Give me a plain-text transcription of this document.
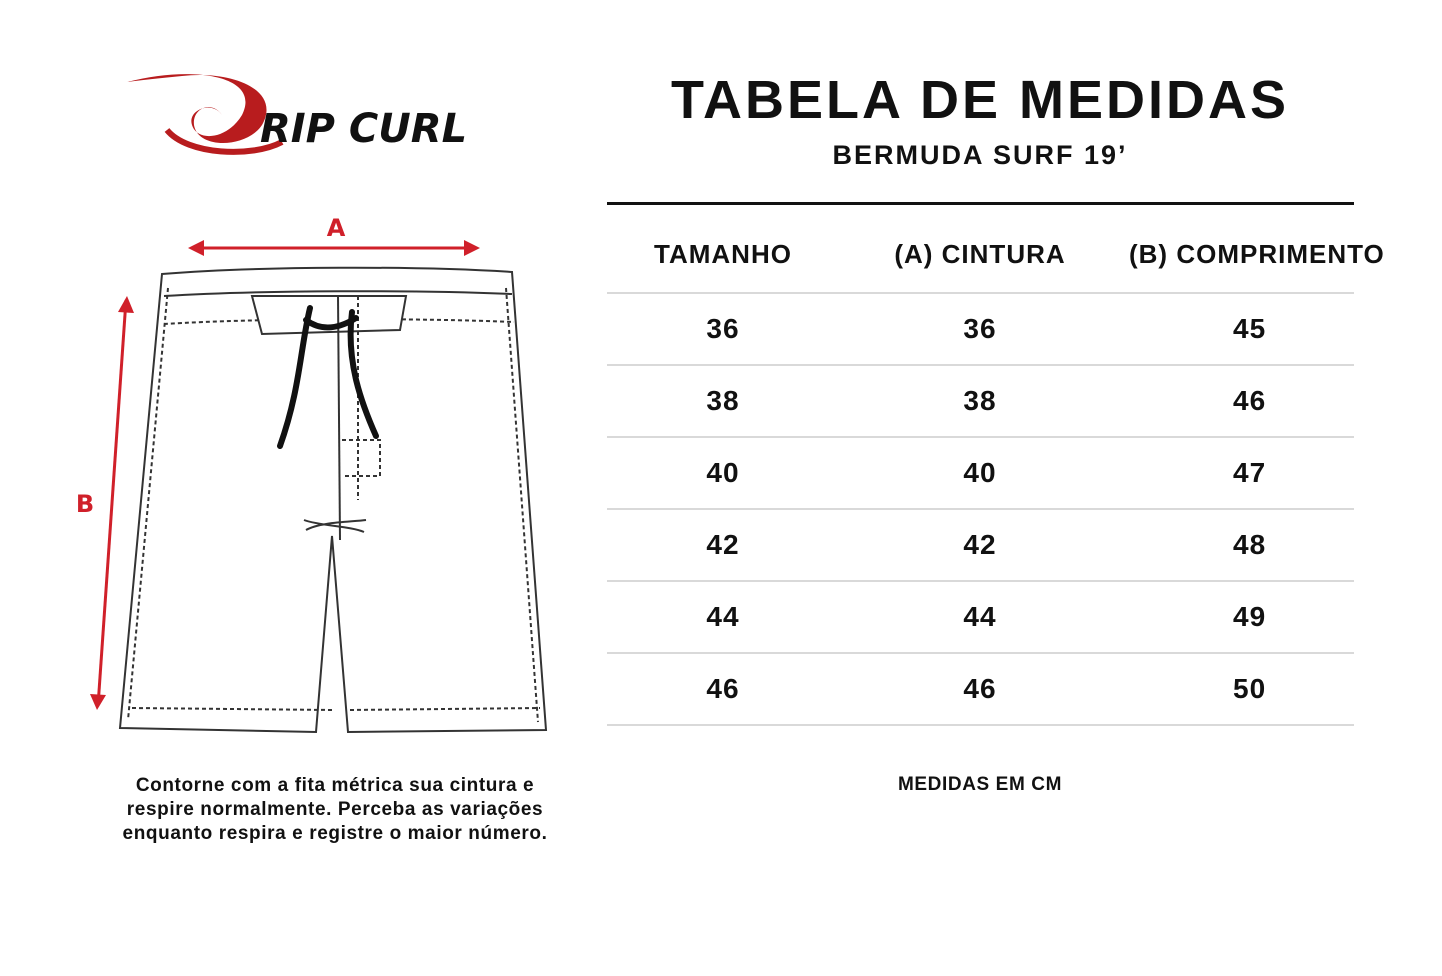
RIP CURL
A
B
Contorne com a fita métrica sua cintura e
respire normalmente. Perceba as variações
enquanto respira e registre o maior número.
TABELA DE MEDIDAS
BERMUDA SURF 19’
TAMANHO	(A) CINTURA	(B) COMPRIMENTO
36	36	45
38	38	46
40	40	47
42	42	48
44	44	49
46	46	50
MEDIDAS EM CM
